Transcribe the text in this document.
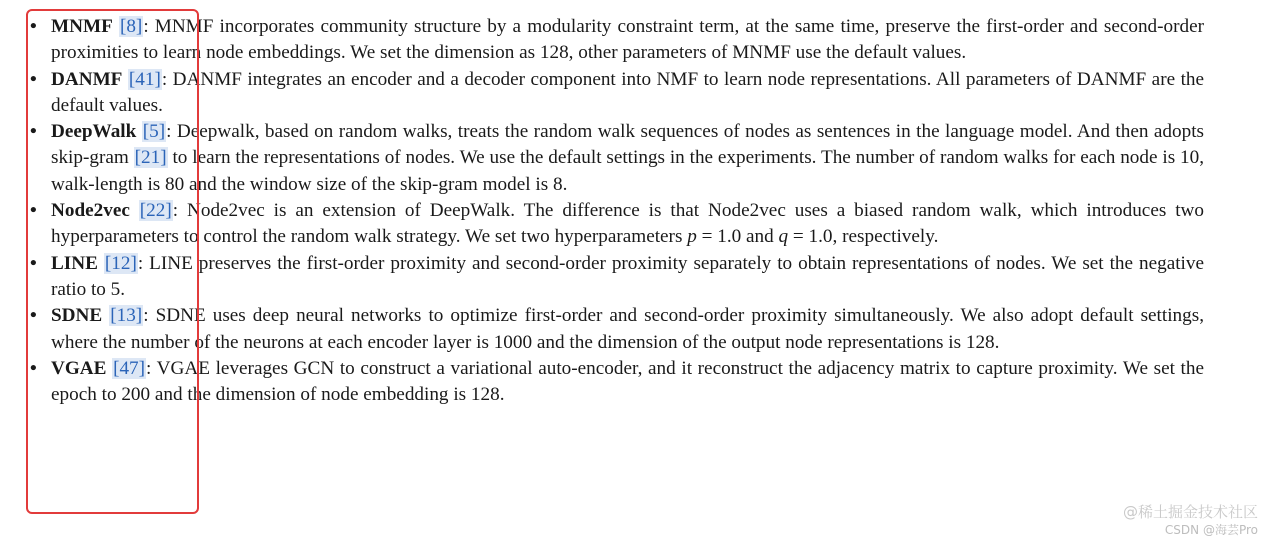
• MNMF [8]: MNMF incorporates community structure by a modularity constraint term, at the same time, preserve the first-order and second-order proximities to learn node embeddings. We set the dimension as 128, other parameters of MNMF use the default values.
• DANMF [41]: DANMF integrates an encoder and a decoder component into NMF to learn node representations. All parameters of DANMF are the default values.
• DeepWalk [5]: Deepwalk, based on random walks, treats the random walk sequences of nodes as sentences in the language model. And then adopts skip-gram [21] to learn the representations of nodes. We use the default settings in the experiments. The number of random walks for each node is 10, walk-length is 80 and the window size of the skip-gram model is 8.
• Node2vec [22]: Node2vec is an extension of DeepWalk. The difference is that Node2vec uses a biased random walk, which introduces two hyperparameters to control the random walk strategy. We set two hyperparameters p = 1.0 and q = 1.0, respectively.
• LINE [12]: LINE preserves the first-order proximity and second-order proximity separately to obtain representations of nodes. We set the negative ratio to 5.
• SDNE [13]: SDNE uses deep neural networks to optimize first-order and second-order proximity simultaneously. We also adopt default settings, where the number of the neurons at each encoder layer is 1000 and the dimension of the output node representations is 128.
• VGAE [47]: VGAE leverages GCN to construct a variational auto-encoder, and it reconstruct the adjacency matrix to capture proximity. We set the epoch to 200 and the dimension of node embedding is 128.
@稀土掘金技术社区
CSDN @海芸Pro
